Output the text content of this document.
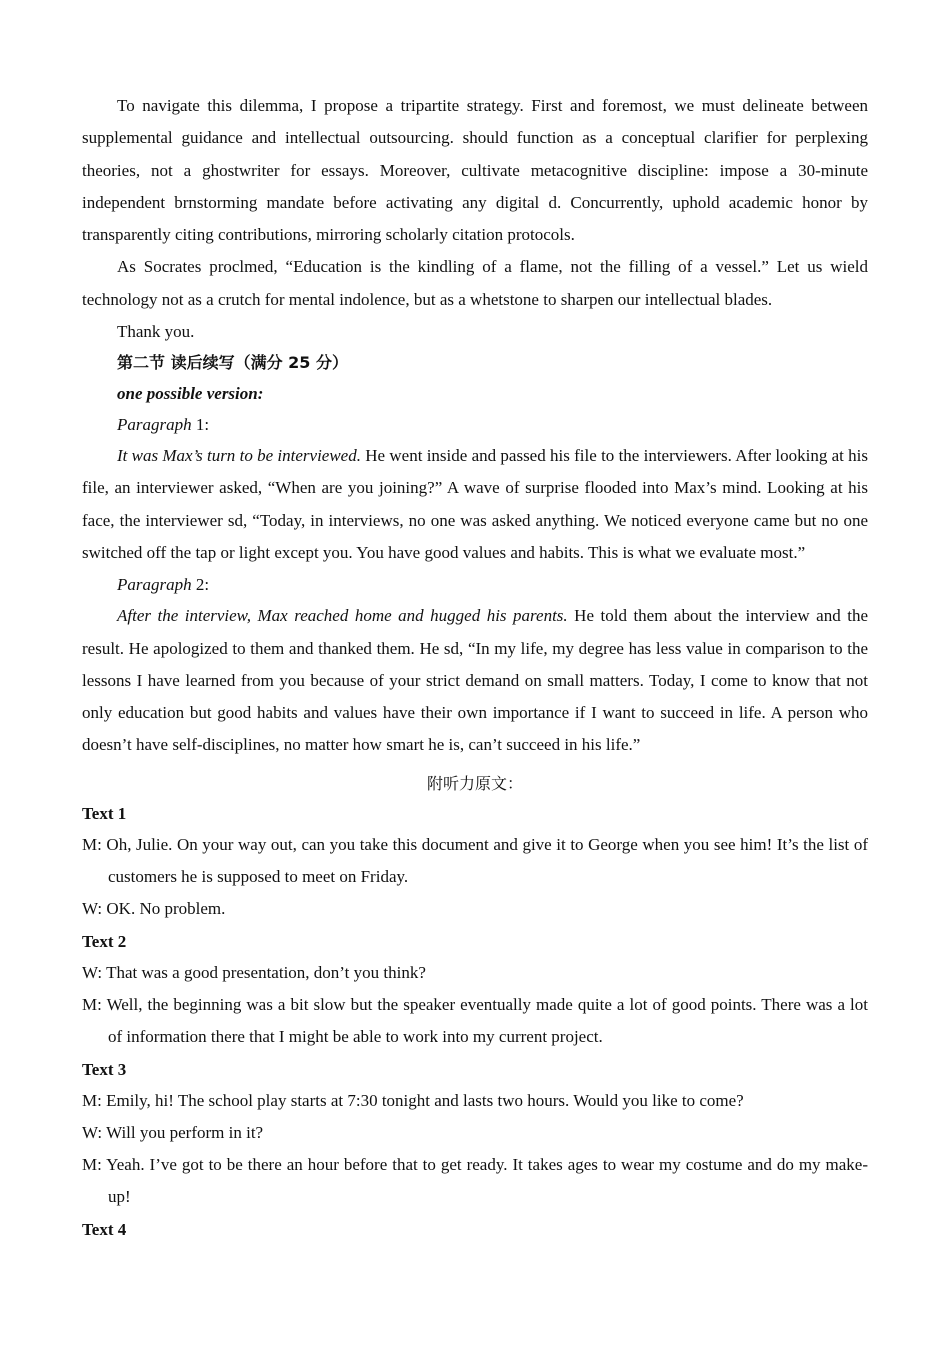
To navigate this dilemma, I propose a tripartite strategy. First and foremost, we must delineate between supplemental guidance and intellectual outsourcing. should function as a conceptual clarifier for perplexing theories, not a ghostwriter for essays. Moreover, cultivate metacognitive discipline: impose a 30-minute independent brnstorming mandate before activating any digital d. Concurrently, uphold academic honor by transparently citing contributions, mirroring scholarly citation protocols.

As Socrates proclmed, “Education is the kindling of a flame, not the filling of a vessel.” Let us wield technology not as a crutch for mental indolence, but as a whetstone to sharpen our intellectual blades.

Thank you.

第二节 读后续写（满分 25 分）

one possible version:

Paragraph 1:

It was Max’s turn to be interviewed. He went inside and passed his file to the interviewers. After looking at his file, an interviewer asked, “When are you joining?” A wave of surprise flooded into Max’s mind. Looking at his face, the interviewer sd, “Today, in interviews, no one was asked anything. We noticed everyone came but no one switched off the tap or light except you. You have good values and habits. This is what we evaluate most.”

Paragraph 2:

After the interview, Max reached home and hugged his parents. He told them about the interview and the result. He apologized to them and thanked them. He sd, “In my life, my degree has less value in comparison to the lessons I have learned from you because of your strict demand on small matters. Today, I come to know that not only education but good habits and values have their own importance if I want to succeed in life. A person who doesn’t have self-disciplines, no matter how smart he is, can’t succeed in his life.”

附听力原文：

Text 1

M: Oh, Julie. On your way out, can you take this document and give it to George when you see him! It’s the list of customers he is supposed to meet on Friday.

W: OK. No problem.

Text 2

W: That was a good presentation, don’t you think?

M: Well, the beginning was a bit slow but the speaker eventually made quite a lot of good points. There was a lot of information there that I might be able to work into my current project.

Text 3

M: Emily, hi! The school play starts at 7:30 tonight and lasts two hours. Would you like to come?

W: Will you perform in it?

M: Yeah. I’ve got to be there an hour before that to get ready. It takes ages to wear my costume and do my make-up!

Text 4
